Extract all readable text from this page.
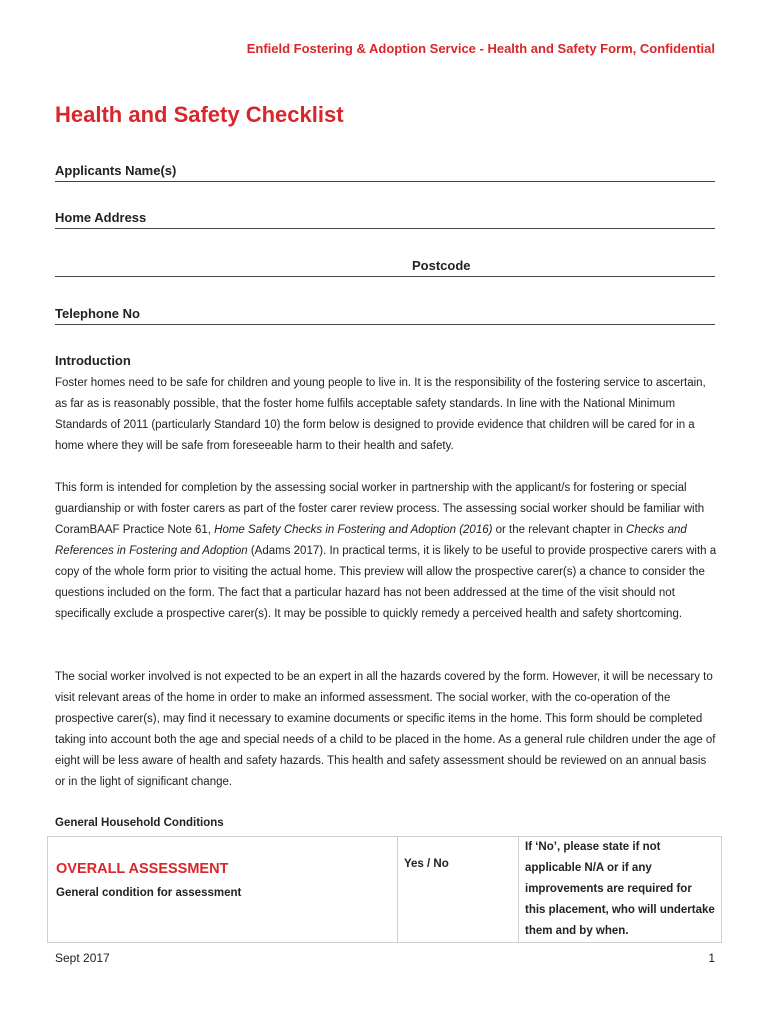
Enfield Fostering & Adoption Service - Health and Safety Form, Confidential
Health and Safety Checklist
Applicants Name(s)
Home Address
Postcode
Telephone No
Introduction

Foster homes need to be safe for children and young people to live in. It is the responsibility of the fostering service to ascertain, as far as is reasonably possible, that the foster home fulfils acceptable safety standards. In line with the National Minimum Standards of 2011 (particularly Standard 10) the form below is designed to provide evidence that children will be cared for in a home where they will be safe from foreseeable harm to their health and safety.

This form is intended for completion by the assessing social worker in partnership with the applicant/s for fostering or special guardianship or with foster carers as part of the foster carer review process. The assessing social worker should be familiar with CoramBAAF Practice Note 61, Home Safety Checks in Fostering and Adoption (2016) or the relevant chapter in Checks and References in Fostering and Adoption (Adams 2017). In practical terms, it is likely to be useful to provide prospective carers with a copy of the whole form prior to visiting the actual home. This preview will allow the prospective carer(s) a chance to consider the questions included on the form. The fact that a particular hazard has not been addressed at the time of the visit should not specifically exclude a prospective carer(s). It may be possible to quickly remedy a perceived health and safety shortcoming.

The social worker involved is not expected to be an expert in all the hazards covered by the form. However, it will be necessary to visit relevant areas of the home in order to make an informed assessment. The social worker, with the co-operation of the prospective carer(s), may find it necessary to examine documents or specific items in the home. This form should be completed taking into account both the age and special needs of a child to be placed in the home. As a general rule children under the age of eight will be less aware of health and safety hazards. This health and safety assessment should be reviewed on an annual basis or in the light of significant change.

General Household Conditions
OVERALL ASSESSMENT
General condition for assessment
	Yes / No	If ‘No’, please state if not applicable N/A or if any improvements are required for this placement, who will undertake them and by when.
Sept 2017	1
